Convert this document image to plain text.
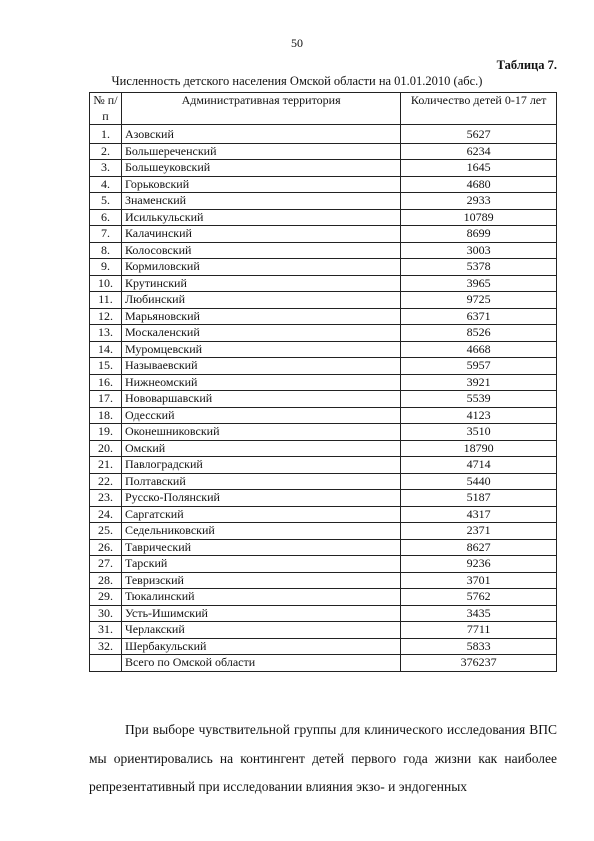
50
Таблица 7.
Численность детского населения Омской области на 01.01.2010 (абс.)
№ п/п	Административная территория	Количество детей 0-17 лет
1.	Азовский	5627
2.	Большереченский	6234
3.	Большеуковский	1645
4.	Горьковский	4680
5.	Знаменский	2933
6.	Исилькульский	10789
7.	Калачинский	8699
8.	Колосовский	3003
9.	Кормиловский	5378
10.	Крутинский	3965
11.	Любинский	9725
12.	Марьяновский	6371
13.	Москаленский	8526
14.	Муромцевский	4668
15.	Называевский	5957
16.	Нижнеомский	3921
17.	Нововаршавский	5539
18.	Одесский	4123
19.	Оконешниковский	3510
20.	Омский	18790
21.	Павлоградский	4714
22.	Полтавский	5440
23.	Русско-Полянский	5187
24.	Саргатский	4317
25.	Седельниковский	2371
26.	Таврический	8627
27.	Тарский	9236
28.	Тевризский	3701
29.	Тюкалинский	5762
30.	Усть-Ишимский	3435
31.	Черлакский	7711
32.	Шербакульский	5833
	Всего по Омской области	376237
При выборе чувствительной группы для клинического исследования ВПС мы ориентировались на контингент детей первого года жизни как наиболее репрезентативный при исследовании влияния экзо- и эндогенных
